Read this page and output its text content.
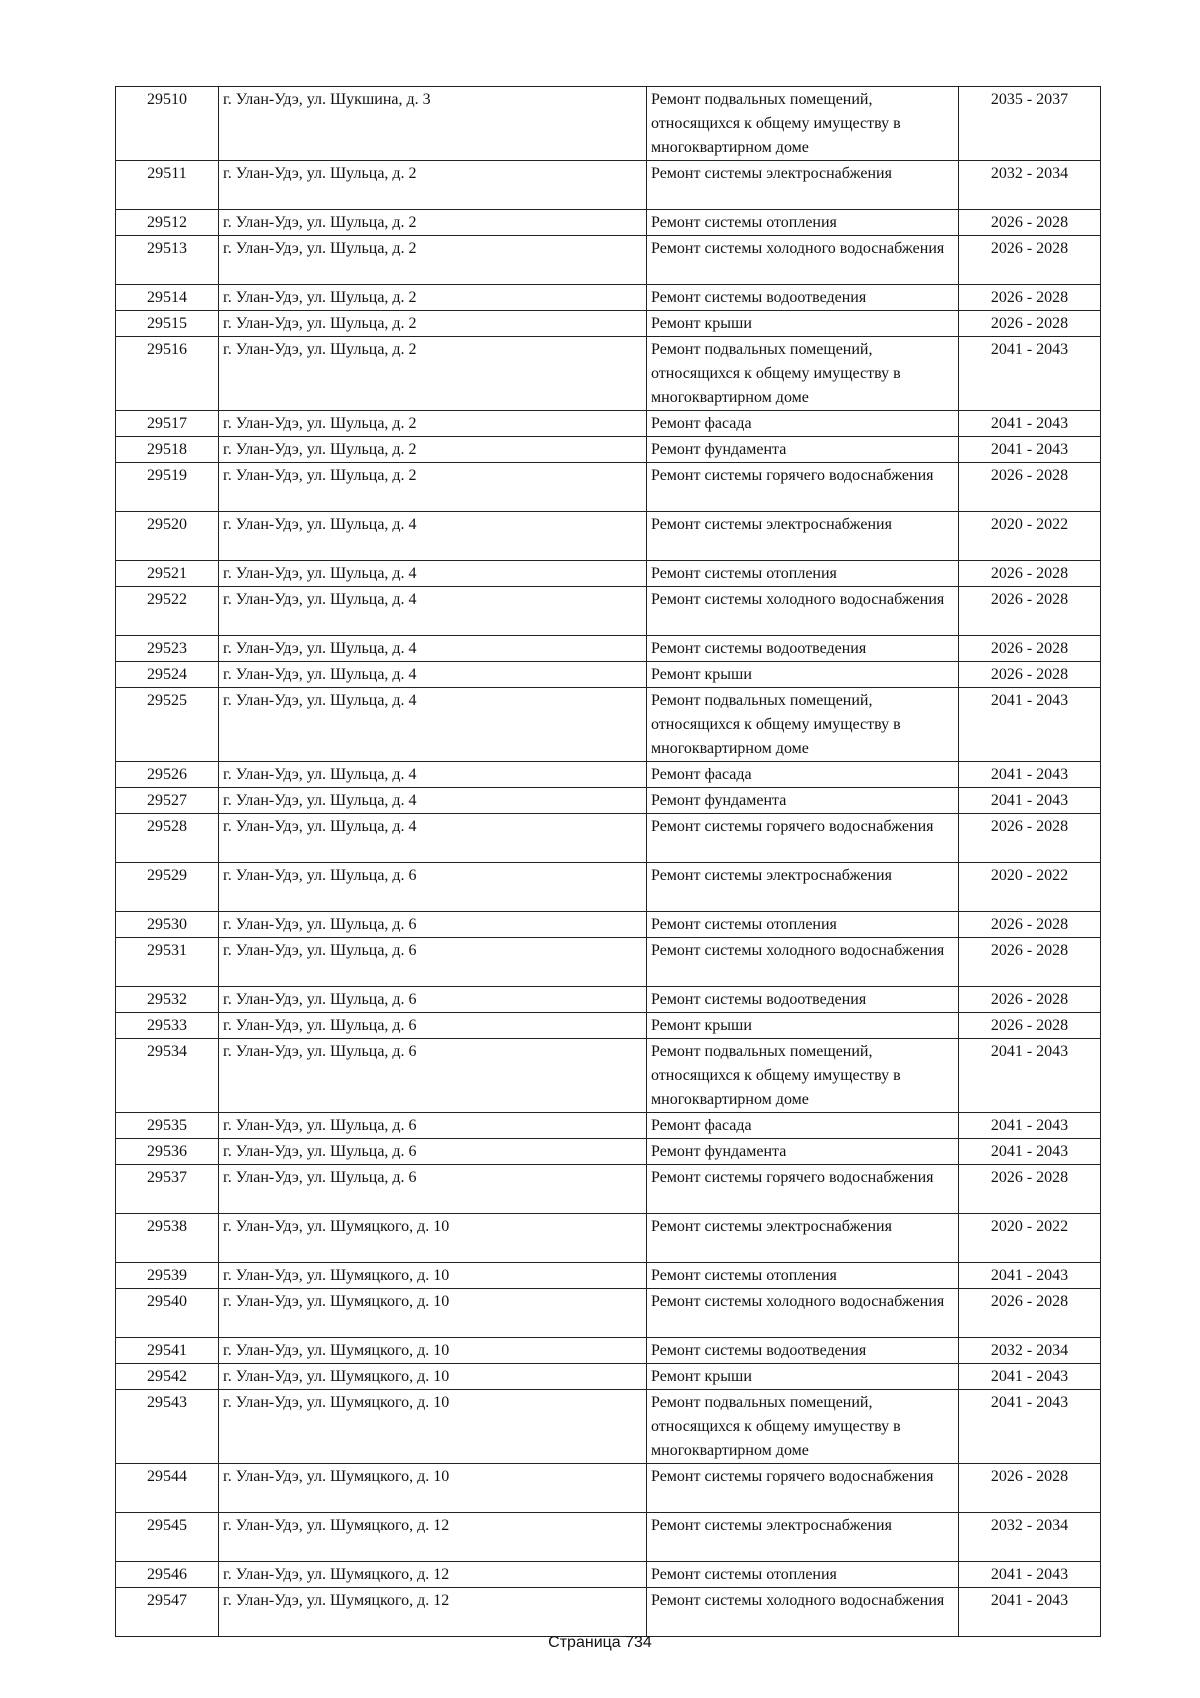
29510	г. Улан-Удэ, ул. Шукшина, д. 3	Ремонт подвальных помещений, относящихся к общему имуществу в многоквартирном доме	2035 - 2037
29511	г. Улан-Удэ, ул. Шульца, д. 2	Ремонт системы электроснабжения	2032 - 2034
29512	г. Улан-Удэ, ул. Шульца, д. 2	Ремонт системы отопления	2026 - 2028
29513	г. Улан-Удэ, ул. Шульца, д. 2	Ремонт системы холодного водоснабжения	2026 - 2028
29514	г. Улан-Удэ, ул. Шульца, д. 2	Ремонт системы водоотведения	2026 - 2028
29515	г. Улан-Удэ, ул. Шульца, д. 2	Ремонт крыши	2026 - 2028
29516	г. Улан-Удэ, ул. Шульца, д. 2	Ремонт подвальных помещений, относящихся к общему имуществу в многоквартирном доме	2041 - 2043
29517	г. Улан-Удэ, ул. Шульца, д. 2	Ремонт фасада	2041 - 2043
29518	г. Улан-Удэ, ул. Шульца, д. 2	Ремонт фундамента	2041 - 2043
29519	г. Улан-Удэ, ул. Шульца, д. 2	Ремонт системы горячего водоснабжения	2026 - 2028
29520	г. Улан-Удэ, ул. Шульца, д. 4	Ремонт системы электроснабжения	2020 - 2022
29521	г. Улан-Удэ, ул. Шульца, д. 4	Ремонт системы отопления	2026 - 2028
29522	г. Улан-Удэ, ул. Шульца, д. 4	Ремонт системы холодного водоснабжения	2026 - 2028
29523	г. Улан-Удэ, ул. Шульца, д. 4	Ремонт системы водоотведения	2026 - 2028
29524	г. Улан-Удэ, ул. Шульца, д. 4	Ремонт крыши	2026 - 2028
29525	г. Улан-Удэ, ул. Шульца, д. 4	Ремонт подвальных помещений, относящихся к общему имуществу в многоквартирном доме	2041 - 2043
29526	г. Улан-Удэ, ул. Шульца, д. 4	Ремонт фасада	2041 - 2043
29527	г. Улан-Удэ, ул. Шульца, д. 4	Ремонт фундамента	2041 - 2043
29528	г. Улан-Удэ, ул. Шульца, д. 4	Ремонт системы горячего водоснабжения	2026 - 2028
29529	г. Улан-Удэ, ул. Шульца, д. 6	Ремонт системы электроснабжения	2020 - 2022
29530	г. Улан-Удэ, ул. Шульца, д. 6	Ремонт системы отопления	2026 - 2028
29531	г. Улан-Удэ, ул. Шульца, д. 6	Ремонт системы холодного водоснабжения	2026 - 2028
29532	г. Улан-Удэ, ул. Шульца, д. 6	Ремонт системы водоотведения	2026 - 2028
29533	г. Улан-Удэ, ул. Шульца, д. 6	Ремонт крыши	2026 - 2028
29534	г. Улан-Удэ, ул. Шульца, д. 6	Ремонт подвальных помещений, относящихся к общему имуществу в многоквартирном доме	2041 - 2043
29535	г. Улан-Удэ, ул. Шульца, д. 6	Ремонт фасада	2041 - 2043
29536	г. Улан-Удэ, ул. Шульца, д. 6	Ремонт фундамента	2041 - 2043
29537	г. Улан-Удэ, ул. Шульца, д. 6	Ремонт системы горячего водоснабжения	2026 - 2028
29538	г. Улан-Удэ, ул. Шумяцкого, д. 10	Ремонт системы электроснабжения	2020 - 2022
29539	г. Улан-Удэ, ул. Шумяцкого, д. 10	Ремонт системы отопления	2041 - 2043
29540	г. Улан-Удэ, ул. Шумяцкого, д. 10	Ремонт системы холодного водоснабжения	2026 - 2028
29541	г. Улан-Удэ, ул. Шумяцкого, д. 10	Ремонт системы водоотведения	2032 - 2034
29542	г. Улан-Удэ, ул. Шумяцкого, д. 10	Ремонт крыши	2041 - 2043
29543	г. Улан-Удэ, ул. Шумяцкого, д. 10	Ремонт подвальных помещений, относящихся к общему имуществу в многоквартирном доме	2041 - 2043
29544	г. Улан-Удэ, ул. Шумяцкого, д. 10	Ремонт системы горячего водоснабжения	2026 - 2028
29545	г. Улан-Удэ, ул. Шумяцкого, д. 12	Ремонт системы электроснабжения	2032 - 2034
29546	г. Улан-Удэ, ул. Шумяцкого, д. 12	Ремонт системы отопления	2041 - 2043
29547	г. Улан-Удэ, ул. Шумяцкого, д. 12	Ремонт системы холодного водоснабжения	2041 - 2043
Страница 734
